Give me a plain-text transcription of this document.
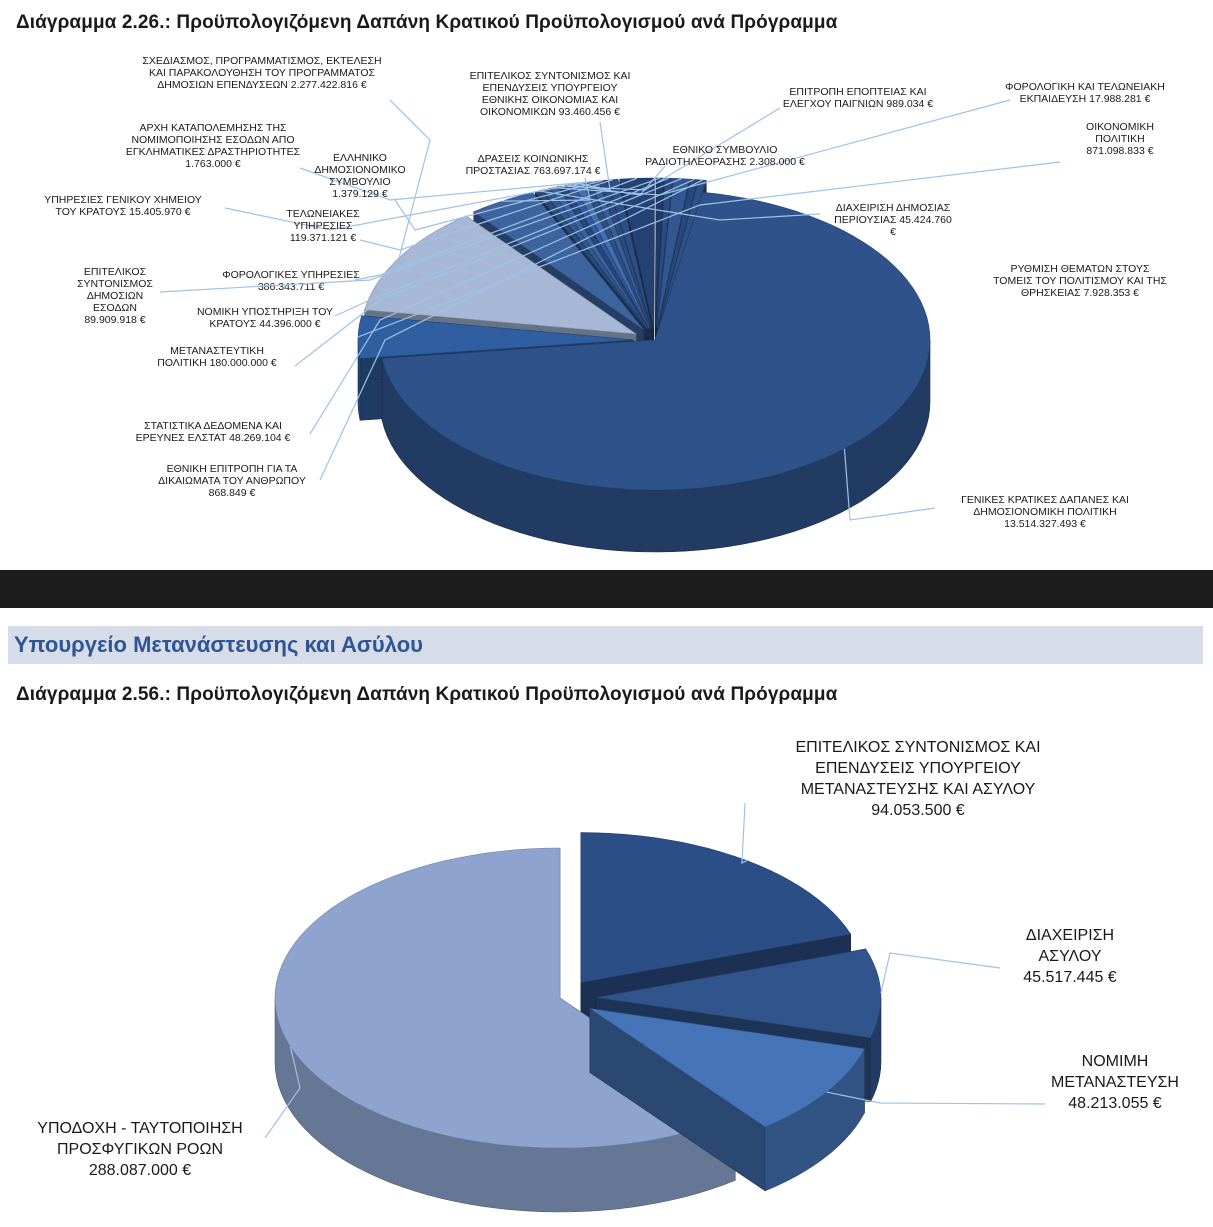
Διάγραμμα 2.26.: Προϋπολογιζόμενη Δαπάνη Κρατικού Προϋπολογισμού ανά Πρόγραμμα
ΓΕΝΙΚΕΣ ΚΡΑΤΙΚΕΣ ΔΑΠΑΝΕΣ ΚΑΙ ΔΗΜΟΣΙΟΝΟΜΙΚΗ ΠΟΛΙΤΙΚΗ 13.514.327.493 €
ΟΙΚΟΝΟΜΙΚΗ ΠΟΛΙΤΙΚΗ 871.098.833 €
ΣΧΕΔΙΑΣΜΟΣ, ΠΡΟΓΡΑΜΜΑΤΙΣΜΟΣ, ΕΚΤΕΛΕΣΗ ΚΑΙ ΠΑΡΑΚΟΛΟΥΘΗΣΗ ΤΟΥ ΠΡΟΓΡΑΜΜΑΤΟΣ ΔΗΜΟΣΙΩΝ ΕΠΕΝΔΥΣΕΩΝ 2.277.422.816 €
ΔΡΑΣΕΙΣ ΚΟΙΝΩΝΙΚΗΣ ΠΡΟΣΤΑΣΙΑΣ 763.697.174 €
ΔΙΑΧΕΙΡΙΣΗ ΔΗΜΟΣΙΑΣ ΠΕΡΙΟΥΣΙΑΣ 45.424.760 €
ΡΥΘΜΙΣΗ ΘΕΜΑΤΩΝ ΣΤΟΥΣ ΤΟΜΕΙΣ ΤΟΥ ΠΟΛΙΤΙΣΜΟΥ ΚΑΙ ΤΗΣ ΘΡΗΣΚΕΙΑΣ 7.928.353 €
ΦΟΡΟΛΟΓΙΚΗ ΚΑΙ ΤΕΛΩΝΕΙΑΚΗ ΕΚΠΑΙΔΕΥΣΗ 17.988.281 €
ΕΠΙΤΡΟΠΗ ΕΠΟΠΤΕΙΑΣ ΚΑΙ ΕΛΕΓΧΟΥ ΠΑΙΓΝΙΩΝ 989.034 €
ΕΘΝΙΚΟ ΣΥΜΒΟΥΛΙΟ ΡΑΔΙΟΤΗΛΕΟΡΑΣΗΣ 2.308.000 €
ΕΠΙΤΕΛΙΚΟΣ ΣΥΝΤΟΝΙΣΜΟΣ ΚΑΙ ΕΠΕΝΔΥΣΕΙΣ ΥΠΟΥΡΓΕΙΟΥ ΕΘΝΙΚΗΣ ΟΙΚΟΝΟΜΙΑΣ ΚΑΙ ΟΙΚΟΝΟΜΙΚΩΝ 93.460.456 €
ΥΠΗΡΕΣΙΕΣ ΓΕΝΙΚΟΥ ΧΗΜΕΙΟΥ ΤΟΥ ΚΡΑΤΟΥΣ 15.405.970 €
ΑΡΧΗ ΚΑΤΑΠΟΛΕΜΗΣΗΣ ΤΗΣ ΝΟΜΙΜΟΠΟΙΗΣΗΣ ΕΣΟΔΩΝ ΑΠΟ ΕΓΚΛΗΜΑΤΙΚΕΣ ΔΡΑΣΤΗΡΙΟΤΗΤΕΣ 1.763.000 €	ΕΛΛΗΝΙΚΟ ΔΗΜΟΣΙΟΝΟΜΙΚΟ ΣΥΜΒΟΥΛΙΟ 1.379.129 €
ΤΕΛΩΝΕΙΑΚΕΣ ΥΠΗΡΕΣΙΕΣ 119.371.121 €
ΦΟΡΟΛΟΓΙΚΕΣ ΥΠΗΡΕΣΙΕΣ 386.343.711 €
ΕΠΙΤΕΛΙΚΟΣ ΣΥΝΤΟΝΙΣΜΟΣ ΔΗΜΟΣΙΩΝ ΕΣΟΔΩΝ 89.909.918 €
ΝΟΜΙΚΗ ΥΠΟΣΤΗΡΙΞΗ ΤΟΥ ΚΡΑΤΟΥΣ 44.396.000 €
ΜΕΤΑΝΑΣΤΕΥΤΙΚΗ ΠΟΛΙΤΙΚΗ 180.000.000 €
ΣΤΑΤΙΣΤΙΚΑ ΔΕΔΟΜΕΝΑ ΚΑΙ ΕΡΕΥΝΕΣ ΕΛΣΤΑΤ 48.269.104 €
ΕΘΝΙΚΗ ΕΠΙΤΡΟΠΗ ΓΙΑ ΤΑ ΔΙΚΑΙΩΜΑΤΑ ΤΟΥ ΑΝΘΡΩΠΟΥ 868.849 €
Υπουργείο Μετανάστευσης και Ασύλου
Διάγραμμα 2.56.: Προϋπολογιζόμενη Δαπάνη Κρατικού Προϋπολογισμού ανά Πρόγραμμα
ΕΠΙΤΕΛΙΚΟΣ ΣΥΝΤΟΝΙΣΜΟΣ ΚΑΙ ΕΠΕΝΔΥΣΕΙΣ ΥΠΟΥΡΓΕΙΟΥ ΜΕΤΑΝΑΣΤΕΥΣΗΣ ΚΑΙ ΑΣΥΛΟΥ 94.053.500 €
ΔΙΑΧΕΙΡΙΣΗ ΑΣΥΛΟΥ 45.517.445 €
ΝΟΜΙΜΗ ΜΕΤΑΝΑΣΤΕΥΣΗ 48.213.055 €
ΥΠΟΔΟΧΗ - ΤΑΥΤΟΠΟΙΗΣΗ ΠΡΟΣΦΥΓΙΚΩΝ ΡΟΩΝ 288.087.000 €
